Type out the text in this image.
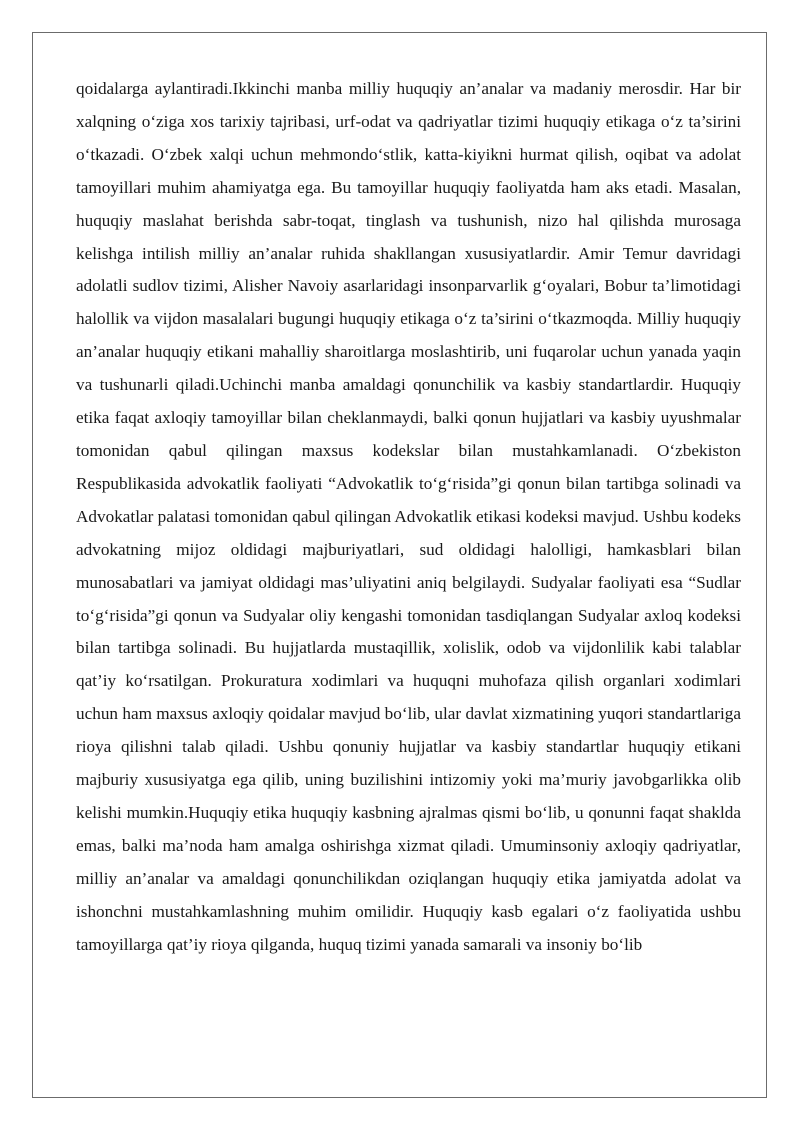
qoidalarga aylantiradi.Ikkinchi manba milliy huquqiy an’analar va madaniy merosdir. Har bir xalqning o‘ziga xos tarixiy tajribasi, urf-odat va qadriyatlar tizimi huquqiy etikaga o‘z ta’sirini o‘tkazadi. O‘zbek xalqi uchun mehmondo‘stlik, katta-kiyikni hurmat qilish, oqibat va adolat tamoyillari muhim ahamiyatga ega. Bu tamoyillar huquqiy faoliyatda ham aks etadi. Masalan, huquqiy maslahat berishda sabr-toqat, tinglash va tushunish, nizo hal qilishda murosaga kelishga intilish milliy an’analar ruhida shakllangan xususiyatlardir. Amir Temur davridagi adolatli sudlov tizimi, Alisher Navoiy asarlaridagi insonparvarlik g‘oyalari, Bobur ta’limotidagi halollik va vijdon masalalari bugungi huquqiy etikaga o‘z ta’sirini o‘tkazmoqda. Milliy huquqiy an’analar huquqiy etikani mahalliy sharoitlarga moslashtirib, uni fuqarolar uchun yanada yaqin va tushunarli qiladi.Uchinchi manba amaldagi qonunchilik va kasbiy standartlardir. Huquqiy etika faqat axloqiy tamoyillar bilan cheklanmaydi, balki qonun hujjatlari va kasbiy uyushmalar tomonidan qabul qilingan maxsus kodekslar bilan mustahkamlanadi. O‘zbekiston Respublikasida advokatlik faoliyati “Advokatlik to‘g‘risida”gi qonun bilan tartibga solinadi va Advokatlar palatasi tomonidan qabul qilingan Advokatlik etikasi kodeksi mavjud. Ushbu kodeks advokatning mijoz oldidagi majburiyatlari, sud oldidagi halolligi, hamkasblari bilan munosabatlari va jamiyat oldidagi mas’uliyatini aniq belgilaydi. Sudyalar faoliyati esa “Sudlar to‘g‘risida”gi qonun va Sudyalar oliy kengashi tomonidan tasdiqlangan Sudyalar axloq kodeksi bilan tartibga solinadi. Bu hujjatlarda mustaqillik, xolislik, odob va vijdonlilik kabi talablar qat’iy ko‘rsatilgan. Prokuratura xodimlari va huquqni muhofaza qilish organlari xodimlari uchun ham maxsus axloqiy qoidalar mavjud bo‘lib, ular davlat xizmatining yuqori standartlariga rioya qilishni talab qiladi. Ushbu qonuniy hujjatlar va kasbiy standartlar huquqiy etikani majburiy xususiyatga ega qilib, uning buzilishini intizomiy yoki ma’muriy javobgarlikka olib kelishi mumkin.Huquqiy etika huquqiy kasbning ajralmas qismi bo‘lib, u qonunni faqat shaklda emas, balki ma’noda ham amalga oshirishga xizmat qiladi. Umuminsoniy axloqiy qadriyatlar, milliy an’analar va amaldagi qonunchilikdan oziqlangan huquqiy etika jamiyatda adolat va ishonchni mustahkamlashning muhim omilidir. Huquqiy kasb egalari o‘z faoliyatida ushbu tamoyillarga qat’iy rioya qilganda, huquq tizimi yanada samarali va insoniy bo‘lib
